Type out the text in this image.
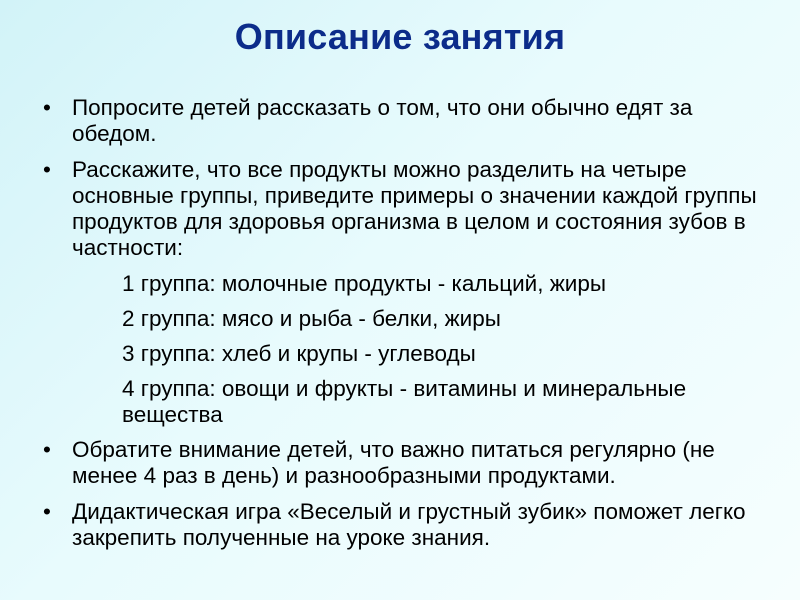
Описание занятия
• Попросите детей рассказать о том, что они обычно едят за обедом.
• Расскажите, что все продукты можно разделить на четыре основные группы, приведите примеры о значении каждой группы продуктов для здоровья организма в целом и состояния зубов в частности:
1 группа: молочные продукты - кальций, жиры
2 группа: мясо и рыба - белки, жиры
3 группа: хлеб и крупы - углеводы
4 группа: овощи и фрукты - витамины и минеральные вещества
• Обратите внимание детей, что важно питаться регулярно (не менее 4 раз в день) и разнообразными продуктами.
• Дидактическая игра «Веселый и грустный зубик» поможет легко закрепить полученные на уроке знания.
